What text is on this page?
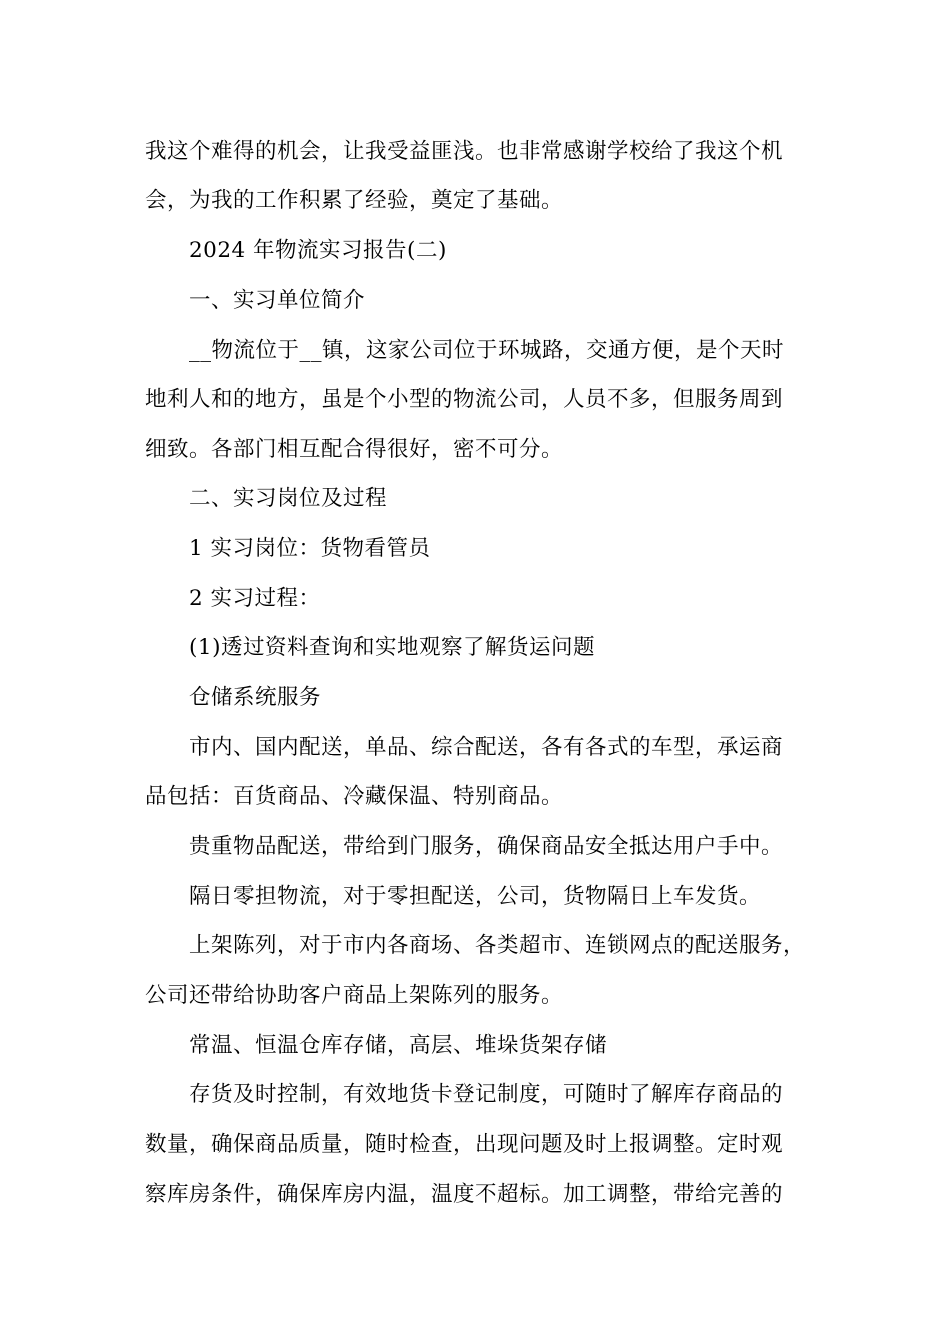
我这个难得的机会，让我受益匪浅。也非常感谢学校给了我这个机
会，为我的工作积累了经验，奠定了基础。
2024 年物流实习报告(二)
一、实习单位简介
__物流位于__镇，这家公司位于环城路，交通方便，是个天时
地利人和的地方，虽是个小型的物流公司，人员不多，但服务周到
细致。各部门相互配合得很好，密不可分。
二、实习岗位及过程
1 实习岗位：货物看管员
2 实习过程：
(1)透过资料查询和实地观察了解货运问题
仓储系统服务
市内、国内配送，单品、综合配送，各有各式的车型，承运商
品包括：百货商品、冷藏保温、特别商品。
贵重物品配送，带给到门服务，确保商品安全抵达用户手中。
隔日零担物流，对于零担配送，公司，货物隔日上车发货。
上架陈列，对于市内各商场、各类超市、连锁网点的配送服务，
公司还带给协助客户商品上架陈列的服务。
常温、恒温仓库存储，高层、堆垛货架存储
存货及时控制，有效地货卡登记制度，可随时了解库存商品的
数量，确保商品质量，随时检查，出现问题及时上报调整。定时观
察库房条件，确保库房内温，温度不超标。加工调整，带给完善的
